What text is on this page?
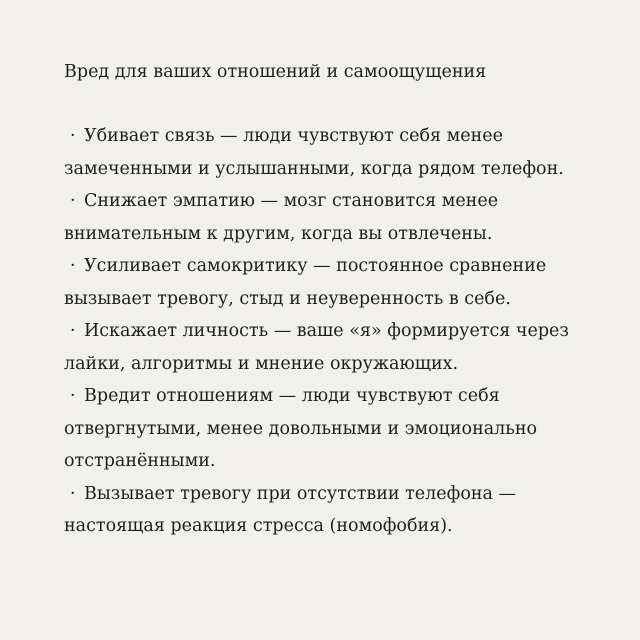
Вред для ваших отношений и самоощущения
· Убивает связь — люди чувствуют себя менее замеченными и услышанными, когда рядом телефон.
· Снижает эмпатию — мозг становится менее внимательным к другим, когда вы отвлечены.
· Усиливает самокритику — постоянное сравнение вызывает тревогу, стыд и неуверенность в себе.
· Искажает личность — ваше «я» формируется через лайки, алгоритмы и мнение окружающих.
· Вредит отношениям — люди чувствуют себя отвергнутыми, менее довольными и эмоционально отстранёнными.
· Вызывает тревогу при отсутствии телефона — настоящая реакция стресса (номофобия).
